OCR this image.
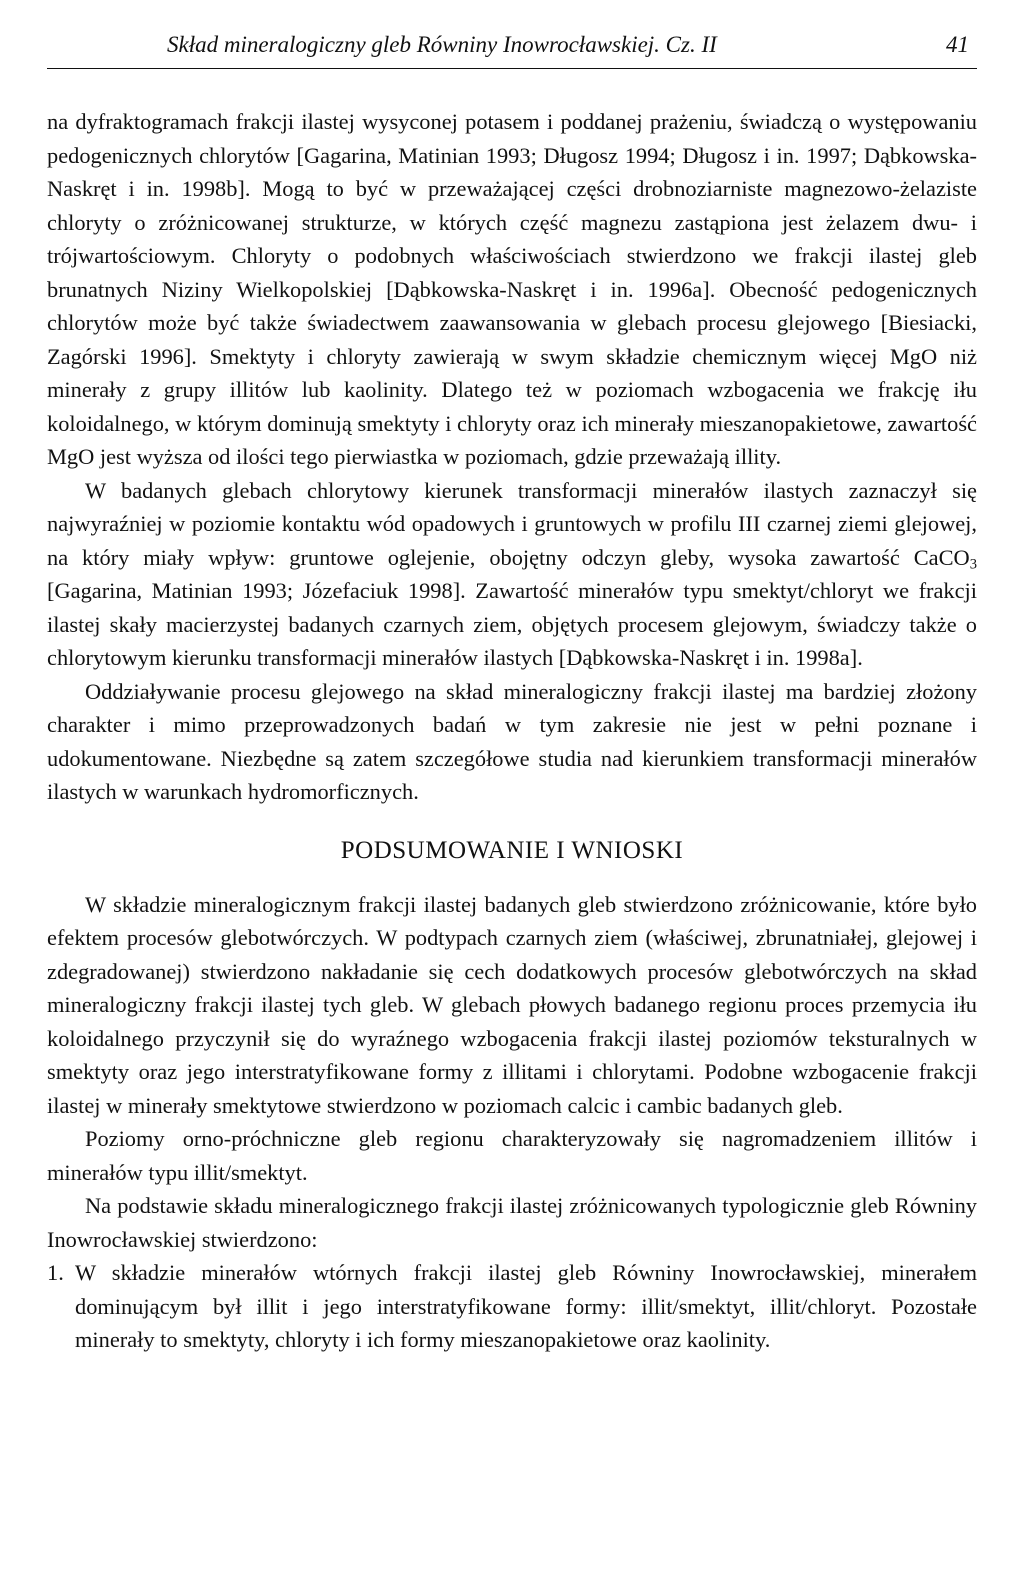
Skład mineralogiczny gleb Równiny Inowrocławskiej. Cz. II	41

na dyfraktogramach frakcji ilastej wysyconej potasem i poddanej prażeniu, świadczą o występowaniu pedogenicznych chlorytów [Gagarina, Matinian 1993; Długosz 1994; Długosz i in. 1997; Dąbkowska-Naskręt i in. 1998b]. Mogą to być w przeważającej części drobnoziarniste magnezowo-żelaziste chloryty o zróżnicowanej strukturze, w których część magnezu zastąpiona jest żelazem dwu- i trójwartościowym. Chloryty o podobnych właściwościach stwierdzono we frakcji ilastej gleb brunatnych Niziny Wielkopolskiej [Dąbkowska-Naskręt i in. 1996a]. Obecność pedogenicznych chlorytów może być także świadectwem zaawansowania w glebach procesu glejowego [Biesiacki, Zagórski 1996]. Smektyty i chloryty zawierają w swym składzie chemicznym więcej MgO niż minerały z grupy illitów lub kaolinity. Dlatego też w poziomach wzbogacenia we frakcję iłu koloidalnego, w którym dominują smektyty i chloryty oraz ich minerały mieszanopakietowe, zawartość MgO jest wyższa od ilości tego pierwiastka w poziomach, gdzie przeważają illity.

W badanych glebach chlorytowy kierunek transformacji minerałów ilastych zaznaczył się najwyraźniej w poziomie kontaktu wód opadowych i gruntowych w profilu III czarnej ziemi glejowej, na który miały wpływ: gruntowe oglejenie, obojętny odczyn gleby, wysoka zawartość CaCO$_3$ [Gagarina, Matinian 1993; Józefaciuk 1998]. Zawartość minerałów typu smektyt/chloryt we frakcji ilastej skały macierzystej badanych czarnych ziem, objętych procesem glejowym, świadczy także o chlorytowym kierunku transformacji minerałów ilastych [Dąbkowska-Naskręt i in. 1998a].

Oddziaływanie procesu glejowego na skład mineralogiczny frakcji ilastej ma bardziej złożony charakter i mimo przeprowadzonych badań w tym zakresie nie jest w pełni poznane i udokumentowane. Niezbędne są zatem szczegółowe studia nad kierunkiem transformacji minerałów ilastych w warunkach hydromorficznych.

PODSUMOWANIE I WNIOSKI

W składzie mineralogicznym frakcji ilastej badanych gleb stwierdzono zróżnicowanie, które było efektem procesów glebotwórczych. W podtypach czarnych ziem (właściwej, zbrunatniałej, glejowej i zdegradowanej) stwierdzono nakładanie się cech dodatkowych procesów glebotwórczych na skład mineralogiczny frakcji ilastej tych gleb. W glebach płowych badanego regionu proces przemycia iłu koloidalnego przyczynił się do wyraźnego wzbogacenia frakcji ilastej poziomów teksturalnych w smektyty oraz jego interstratyfikowane formy z illitami i chlorytami. Podobne wzbogacenie frakcji ilastej w minerały smektytowe stwierdzono w poziomach calcic i cambic badanych gleb.

Poziomy orno-próchniczne gleb regionu charakteryzowały się nagromadzeniem illitów i minerałów typu illit/smektyt.

Na podstawie składu mineralogicznego frakcji ilastej zróżnicowanych typologicznie gleb Równiny Inowrocławskiej stwierdzono:

1. W składzie minerałów wtórnych frakcji ilastej gleb Równiny Inowrocławskiej, minerałem dominującym był illit i jego interstratyfikowane formy: illit/smektyt, illit/chloryt. Pozostałe minerały to smektyty, chloryty i ich formy mieszanopakietowe oraz kaolinity.
